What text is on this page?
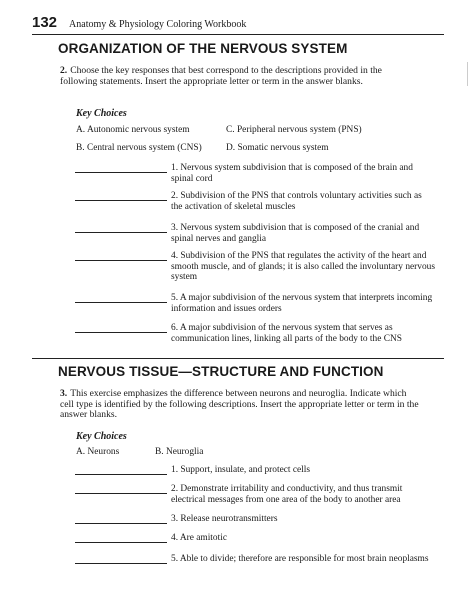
132 Anatomy & Physiology Coloring Workbook
ORGANIZATION OF THE NERVOUS SYSTEM
2. Choose the key responses that best correspond to the descriptions provided in the following statements. Insert the appropriate letter or term in the answer blanks.
Key Choices
A. Autonomic nervous system
B. Central nervous system (CNS)
C. Peripheral nervous system (PNS)
D. Somatic nervous system
1. Nervous system subdivision that is composed of the brain and spinal cord
2. Subdivision of the PNS that controls voluntary activities such as the activation of skeletal muscles
3. Nervous system subdivision that is composed of the cranial and spinal nerves and ganglia
4. Subdivision of the PNS that regulates the activity of the heart and smooth muscle, and of glands; it is also called the involuntary nervous system
5. A major subdivision of the nervous system that interprets incoming information and issues orders
6. A major subdivision of the nervous system that serves as communication lines, linking all parts of the body to the CNS
NERVOUS TISSUE—STRUCTURE AND FUNCTION
3. This exercise emphasizes the difference between neurons and neuroglia. Indicate which cell type is identified by the following descriptions. Insert the appropriate letter or term in the answer blanks.
Key Choices
A. Neurons	B. Neuroglia
1. Support, insulate, and protect cells
2. Demonstrate irritability and conductivity, and thus transmit electrical messages from one area of the body to another area
3. Release neurotransmitters
4. Are amitotic
5. Able to divide; therefore are responsible for most brain neoplasms
